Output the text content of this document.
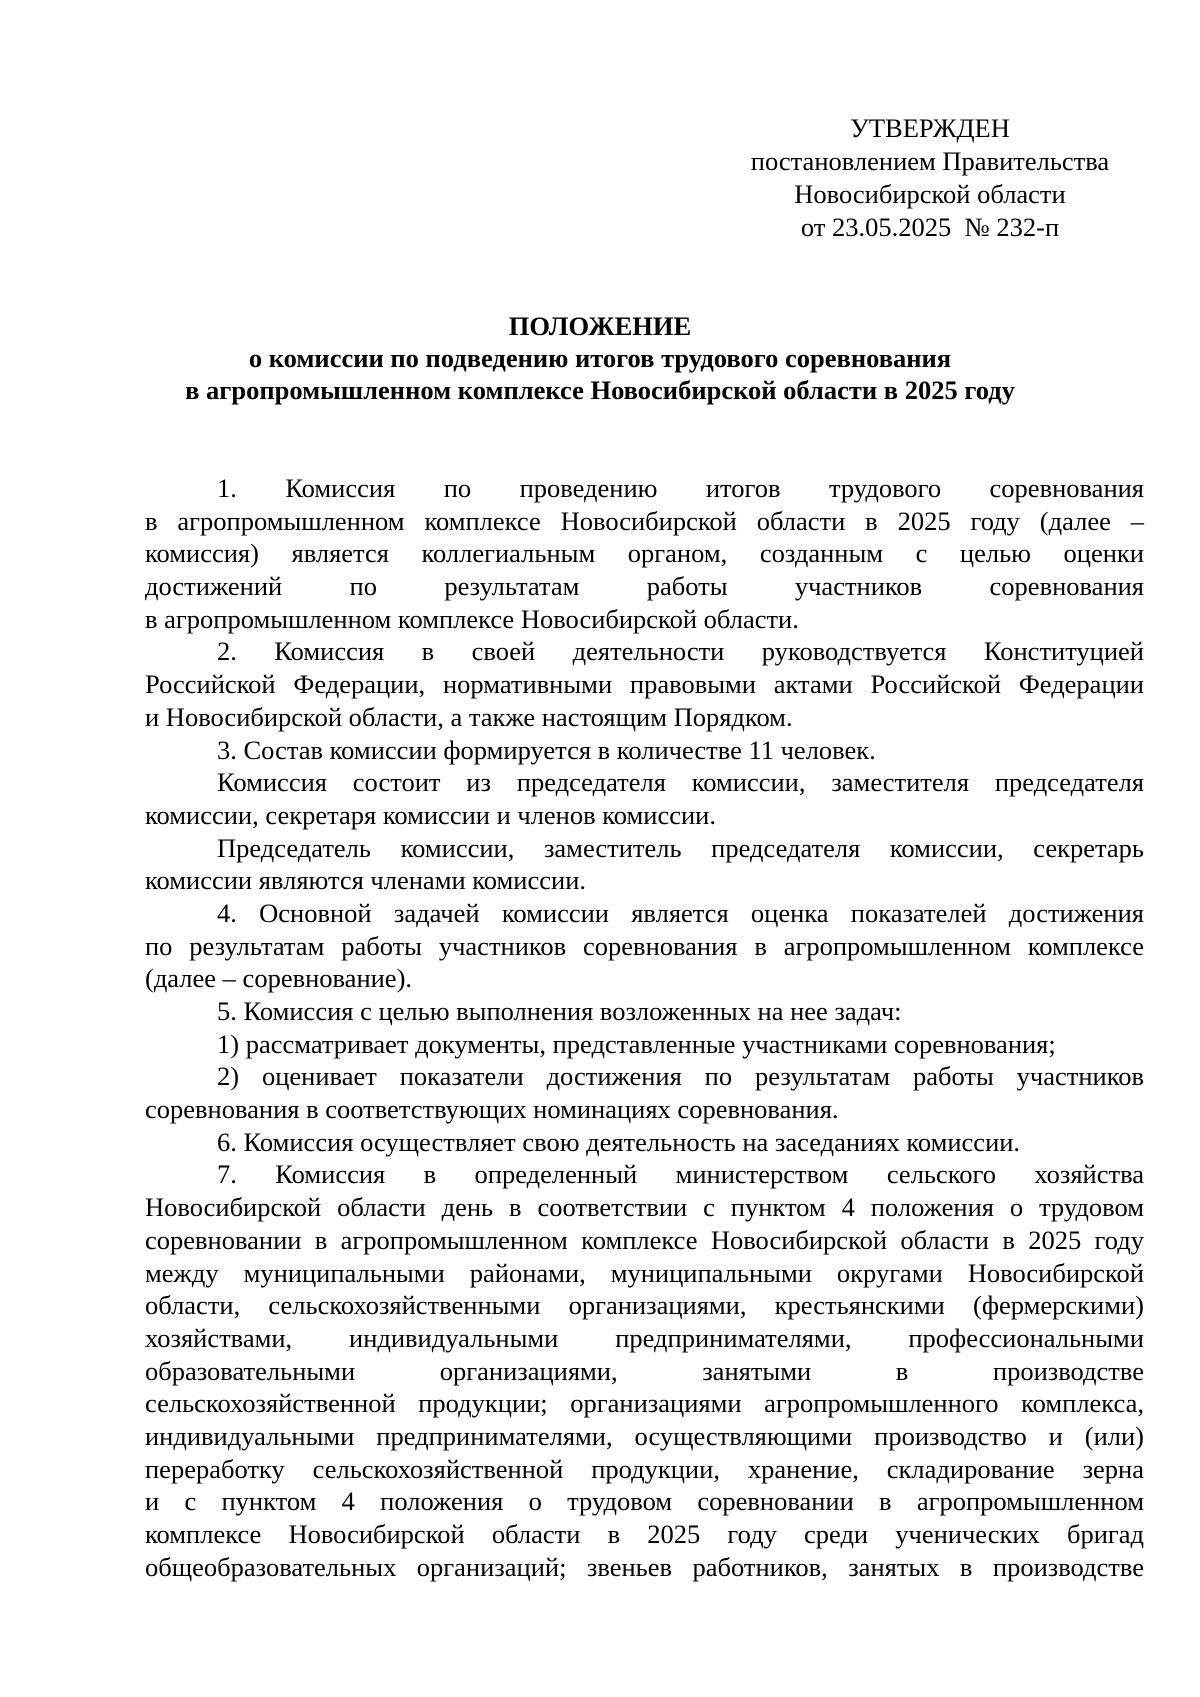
УТВЕРЖДЕН
постановлением Правительства
Новосибирской области
от 23.05.2025  № 232-п
ПОЛОЖЕНИЕ
о комиссии по подведению итогов трудового соревнования
в агропромышленном комплексе Новосибирской области в 2025 году
1. Комиссия по проведению итогов трудового соревнования
в агропромышленном комплексе Новосибирской области в 2025 году (далее –
комиссия) является коллегиальным органом, созданным с целью оценки
достижений по результатам работы участников соревнования
в агропромышленном комплексе Новосибирской области.
2. Комиссия в своей деятельности руководствуется Конституцией
Российской Федерации, нормативными правовыми актами Российской Федерации
и Новосибирской области, а также настоящим Порядком.
3. Состав комиссии формируется в количестве 11 человек.
Комиссия состоит из председателя комиссии, заместителя председателя
комиссии, секретаря комиссии и членов комиссии.
Председатель комиссии, заместитель председателя комиссии, секретарь
комиссии являются членами комиссии.
4. Основной задачей комиссии является оценка показателей достижения
по результатам работы участников соревнования в агропромышленном комплексе
(далее – соревнование).
5. Комиссия с целью выполнения возложенных на нее задач:
1) рассматривает документы, представленные участниками соревнования;
2) оценивает показатели достижения по результатам работы участников
соревнования в соответствующих номинациях соревнования.
6. Комиссия осуществляет свою деятельность на заседаниях комиссии.
7. Комиссия в определенный министерством сельского хозяйства
Новосибирской области день в соответствии с пунктом 4 положения о трудовом
соревновании в агропромышленном комплексе Новосибирской области в 2025 году
между муниципальными районами, муниципальными округами Новосибирской
области, сельскохозяйственными организациями, крестьянскими (фермерскими)
хозяйствами, индивидуальными предпринимателями, профессиональными
образовательными организациями, занятыми в производстве
сельскохозяйственной продукции; организациями агропромышленного комплекса,
индивидуальными предпринимателями, осуществляющими производство и (или)
переработку сельскохозяйственной продукции, хранение, складирование зерна
и с пунктом 4 положения о трудовом соревновании в агропромышленном
комплексе Новосибирской области в 2025 году среди ученических бригад
общеобразовательных организаций; звеньев работников, занятых в производстве
